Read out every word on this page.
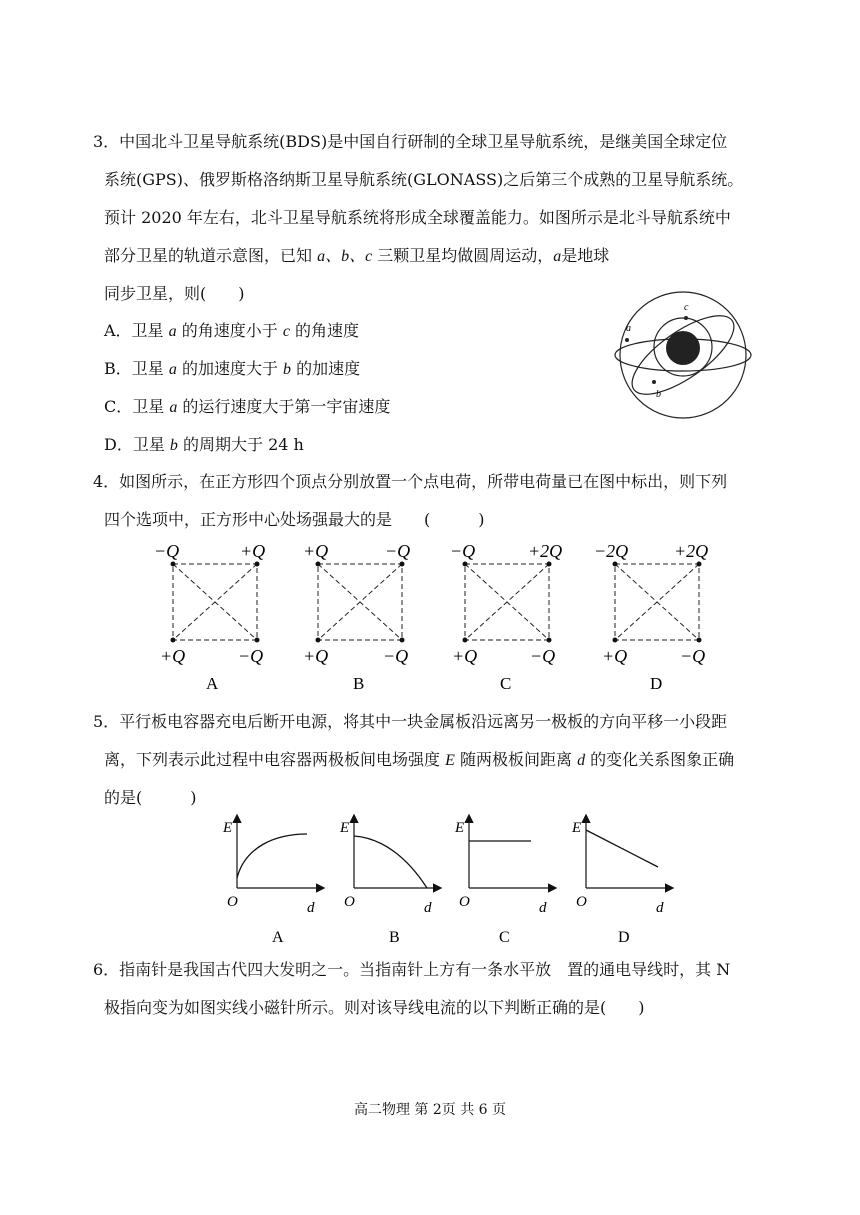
3．中国北斗卫星导航系统(BDS)是中国自行研制的全球卫星导航系统，是继美国全球定位
系统(GPS)、俄罗斯格洛纳斯卫星导航系统(GLONASS)之后第三个成熟的卫星导航系统。
预计 2020 年左右，北斗卫星导航系统将形成全球覆盖能力。如图所示是北斗导航系统中
部分卫星的轨道示意图，已知 a、b、c 三颗卫星均做圆周运动，a是地球
同步卫星，则(　　)
A．卫星 a 的角速度小于 c 的角速度
B．卫星 a 的加速度大于 b 的加速度
C．卫星 a 的运行速度大于第一宇宙速度
D．卫星 b 的周期大于 24 h
c
a
b
4．如图所示，在正方形四个顶点分别放置一个点电荷，所带电荷量已在图中标出，则下列
四个选项中，正方形中心处场强最大的是　　(　　　)
−Q	+Q
+Q	−Q
A
+Q	−Q
+Q	−Q
B
−Q	+2Q
+Q	−Q
C
−2Q	+2Q
+Q	−Q
D
5．平行板电容器充电后断开电源，将其中一块金属板沿远离另一极板的方向平移一小段距
离，下列表示此过程中电容器两极板间电场强度 E 随两极板间距离 d 的变化关系图象正确
的是(　　　)
E
O	d
A
E
O	d
B
E
O	d
C
E
O	d
D
6．指南针是我国古代四大发明之一。当指南针上方有一条水平放　置的通电导线时，其 N
极指向变为如图实线小磁针所示。则对该导线电流的以下判断正确的是(　　)
高二物理 第 2页 共 6 页
